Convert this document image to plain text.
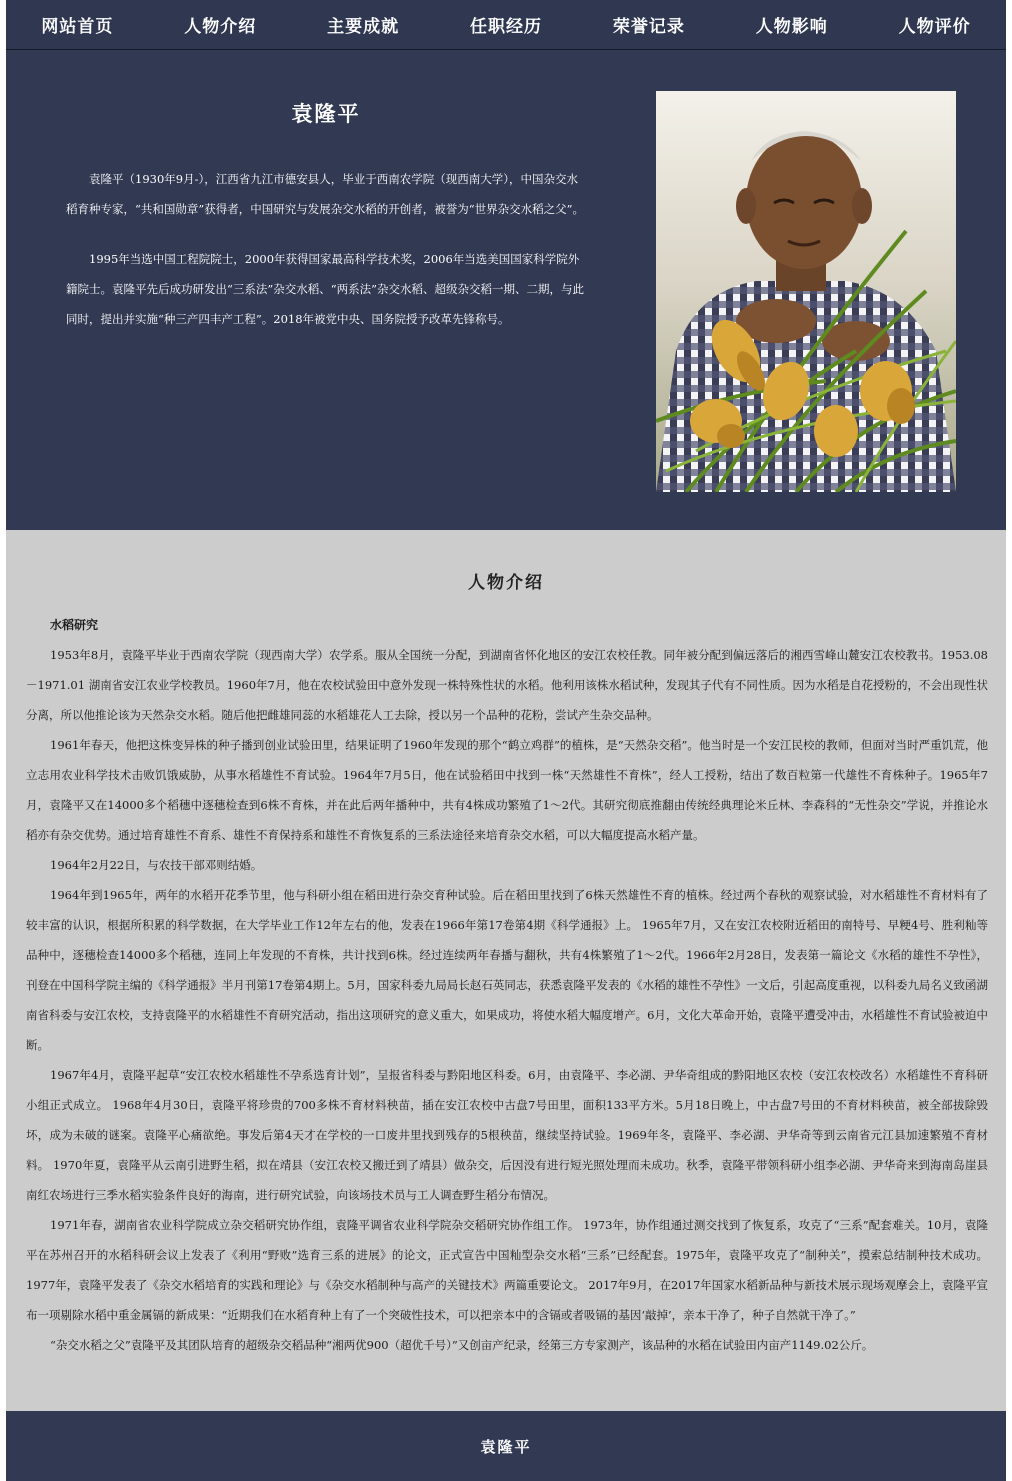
网站首页	人物介绍	主要成就	任职经历	荣誉记录	人物影响	人物评价
袁隆平

袁隆平（1930年9月-），江西省九江市德安县人，毕业于西南农学院（现西南大学），中国杂交水稻育种专家，“共和国勋章”获得者，中国研究与发展杂交水稻的开创者，被誉为“世界杂交水稻之父”。

1995年当选中国工程院院士，2000年获得国家最高科学技术奖，2006年当选美国国家科学院外籍院士。袁隆平先后成功研发出“三系法”杂交水稻、“两系法”杂交水稻、超级杂交稻一期、二期，与此同时，提出并实施“种三产四丰产工程”。2018年被党中央、国务院授予改革先锋称号。

人物介绍
水稻研究

1953年8月，袁隆平毕业于西南农学院（现西南大学）农学系。服从全国统一分配，到湖南省怀化地区的安江农校任教。同年被分配到偏远落后的湘西雪峰山麓安江农校教书。1953.08－1971.01 湖南省安江农业学校教员。1960年7月，他在农校试验田中意外发现一株特殊性状的水稻。他利用该株水稻试种，发现其子代有不同性质。因为水稻是自花授粉的，不会出现性状分离，所以他推论该为天然杂交水稻。随后他把雌雄同蕊的水稻雄花人工去除，授以另一个品种的花粉，尝试产生杂交品种。

1961年春天，他把这株变异株的种子播到创业试验田里，结果证明了1960年发现的那个“鹤立鸡群”的植株，是“天然杂交稻”。他当时是一个安江民校的教师，但面对当时严重饥荒，他立志用农业科学技术击败饥饿威胁，从事水稻雄性不育试验。1964年7月5日，他在试验稻田中找到一株“天然雄性不育株”，经人工授粉，结出了数百粒第一代雄性不育株种子。1965年7月，袁隆平又在14000多个稻穗中逐穗检查到6株不育株，并在此后两年播种中，共有4株成功繁殖了1～2代。其研究彻底推翻由传统经典理论米丘林、李森科的“无性杂交”学说，并推论水稻亦有杂交优势。通过培育雄性不育系、雄性不育保持系和雄性不育恢复系的三系法途径来培育杂交水稻，可以大幅度提高水稻产量。

1964年2月22日，与农技干部邓则结婚。

1964年到1965年，两年的水稻开花季节里，他与科研小组在稻田进行杂交育种试验。后在稻田里找到了6株天然雄性不育的植株。经过两个春秋的观察试验，对水稻雄性不育材料有了较丰富的认识，根据所积累的科学数据，在大学毕业工作12年左右的他，发表在1966年第17卷第4期《科学通报》上。 1965年7月，又在安江农校附近稻田的南特号、早粳4号、胜利籼等品种中，逐穗检查14000多个稻穗，连同上年发现的不育株，共计找到6株。经过连续两年春播与翻秋，共有4株繁殖了1～2代。1966年2月28日，发表第一篇论文《水稻的雄性不孕性》，刊登在中国科学院主编的《科学通报》半月刊第17卷第4期上。5月，国家科委九局局长赵石英同志，获悉袁隆平发表的《水稻的雄性不孕性》一文后，引起高度重视，以科委九局名义致函湖南省科委与安江农校，支持袁隆平的水稻雄性不育研究活动，指出这项研究的意义重大，如果成功，将使水稻大幅度增产。6月，文化大革命开始，袁隆平遭受冲击，水稻雄性不育试验被迫中断。

1967年4月，袁隆平起草“安江农校水稻雄性不孕系选育计划”，呈报省科委与黔阳地区科委。6月，由袁隆平、李必湖、尹华奇组成的黔阳地区农校（安江农校改名）水稻雄性不育科研小组正式成立。 1968年4月30日，袁隆平将珍贵的700多株不育材料秧苗，插在安江农校中古盘7号田里，面积133平方米。5月18日晚上，中古盘7号田的不育材料秧苗，被全部拔除毁坏，成为未破的谜案。袁隆平心痛欲绝。事发后第4天才在学校的一口废井里找到残存的5根秧苗，继续坚持试验。1969年冬，袁隆平、李必湖、尹华奇等到云南省元江县加速繁殖不育材料。 1970年夏，袁隆平从云南引进野生稻，拟在靖县（安江农校又搬迁到了靖县）做杂交，后因没有进行短光照处理而未成功。秋季，袁隆平带领科研小组李必湖、尹华奇来到海南岛崖县南红农场进行三季水稻实验条件良好的海南，进行研究试验，向该场技术员与工人调查野生稻分布情况。

1971年春，湖南省农业科学院成立杂交稻研究协作组，袁隆平调省农业科学院杂交稻研究协作组工作。 1973年，协作组通过测交找到了恢复系，攻克了“三系”配套难关。10月，袁隆平在苏州召开的水稻科研会议上发表了《利用“野败”选育三系的进展》的论文，正式宣告中国籼型杂交水稻“三系”已经配套。1975年，袁隆平攻克了“制种关”，摸索总结制种技术成功。 1977年，袁隆平发表了《杂交水稻培育的实践和理论》与《杂交水稻制种与高产的关键技术》两篇重要论文。 2017年9月，在2017年国家水稻新品种与新技术展示现场观摩会上，袁隆平宣布一项剔除水稻中重金属镉的新成果：“近期我们在水稻育种上有了一个突破性技术，可以把亲本中的含镉或者吸镉的基因‘敲掉’，亲本干净了，种子自然就干净了。”

“杂交水稻之父”袁隆平及其团队培育的超级杂交稻品种“湘两优900（超优千号）”又创亩产纪录，经第三方专家测产，该品种的水稻在试验田内亩产1149.02公斤。

袁隆平
